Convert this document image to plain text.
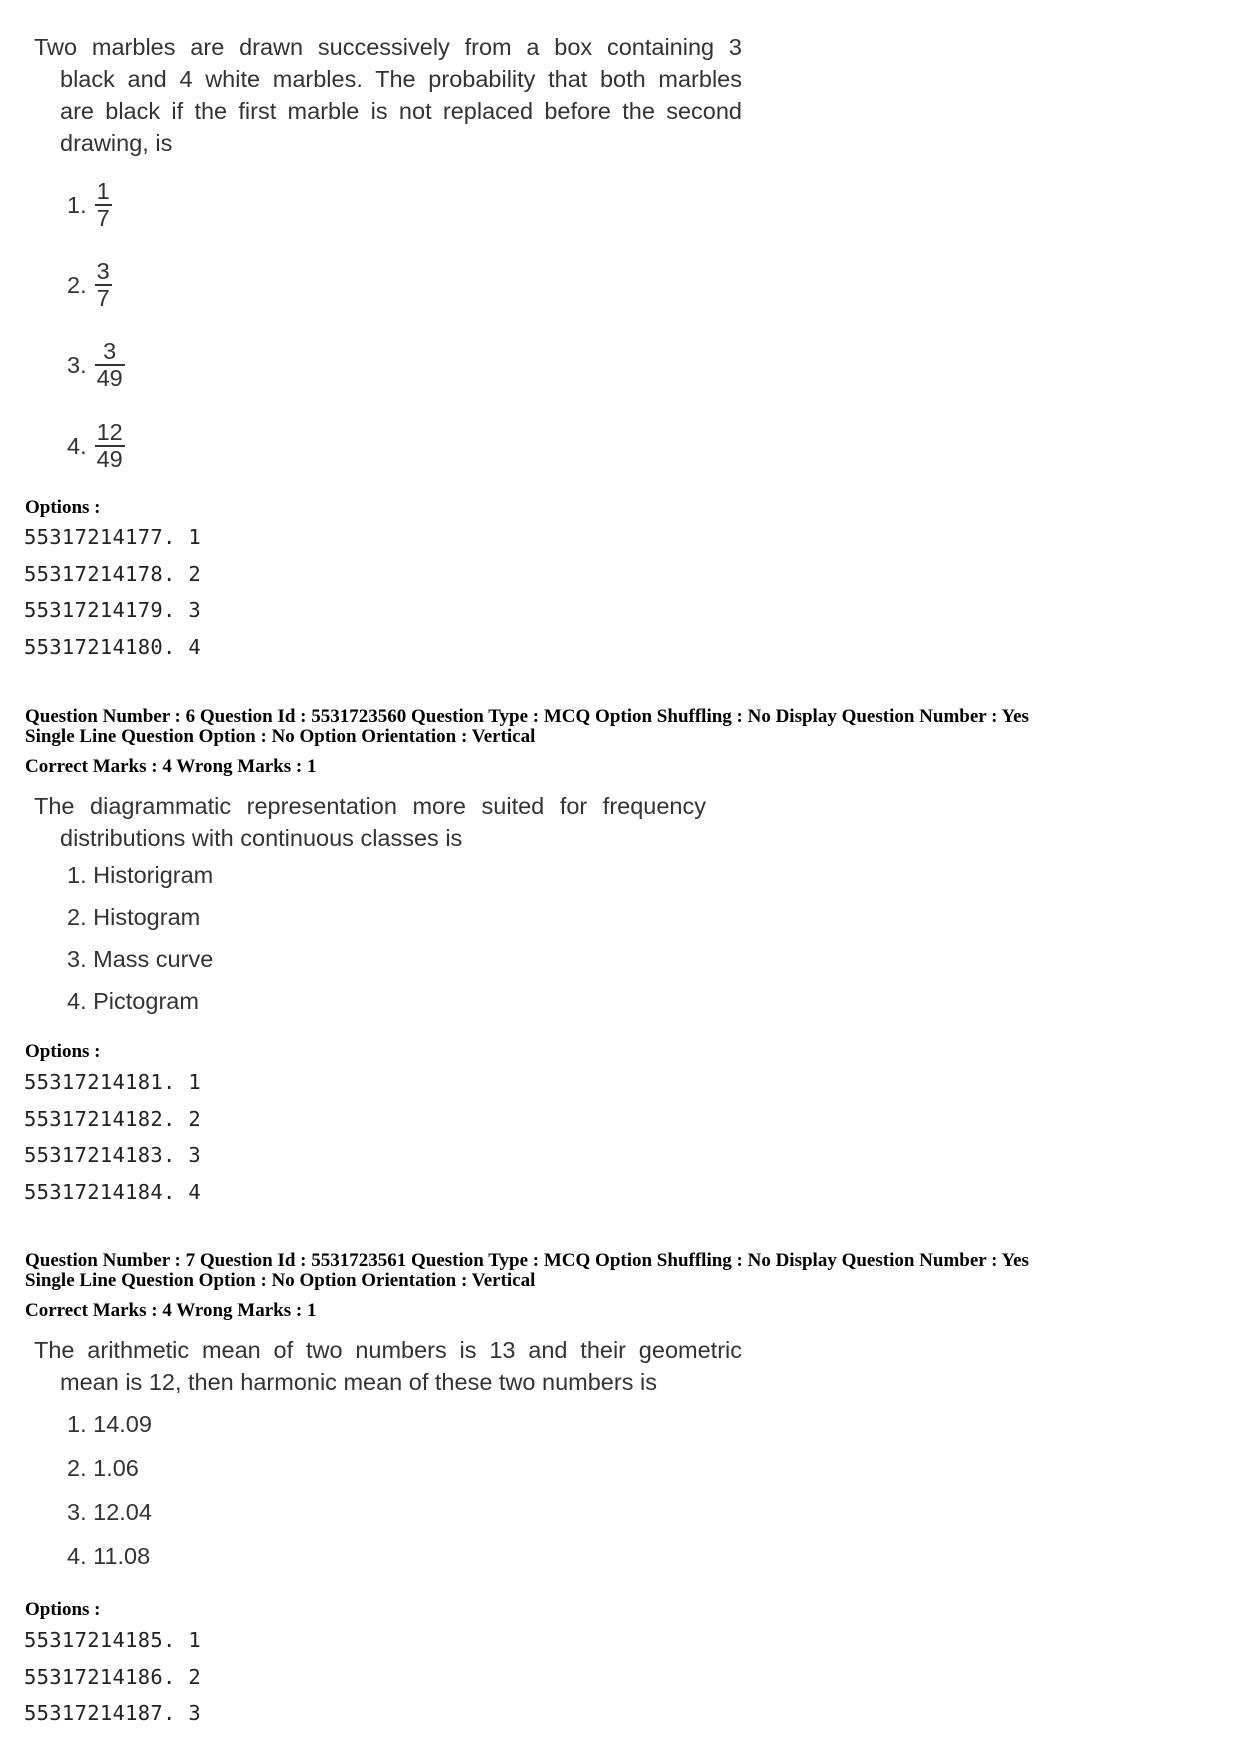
Two marbles are drawn successively from a box containing 3
black and 4 white marbles. The probability that both marbles
are black if the first marble is not replaced before the second
drawing, is

1. $\frac{1}{7}$
2. $\frac{3}{7}$
3. $\frac{3}{49}$
4. $\frac{12}{49}$
Options :
55317214177. 1
55317214178. 2
55317214179. 3
55317214180. 4
Question Number : 6 Question Id : 5531723560 Question Type : MCQ Option Shuffling : No Display Question Number : Yes
Single Line Question Option : No Option Orientation : Vertical
Correct Marks : 4 Wrong Marks : 1

The diagrammatic representation more suited for frequency
distributions with continuous classes is

1. Historigram
2. Histogram
3. Mass curve
4. Pictogram
Options :
55317214181. 1
55317214182. 2
55317214183. 3
55317214184. 4
Question Number : 7 Question Id : 5531723561 Question Type : MCQ Option Shuffling : No Display Question Number : Yes
Single Line Question Option : No Option Orientation : Vertical
Correct Marks : 4 Wrong Marks : 1

The arithmetic mean of two numbers is 13 and their geometric
mean is 12, then harmonic mean of these two numbers is

1. 14.09
2. 1.06
3. 12.04
4. 11.08
Options :
55317214185. 1
55317214186. 2
55317214187. 3
